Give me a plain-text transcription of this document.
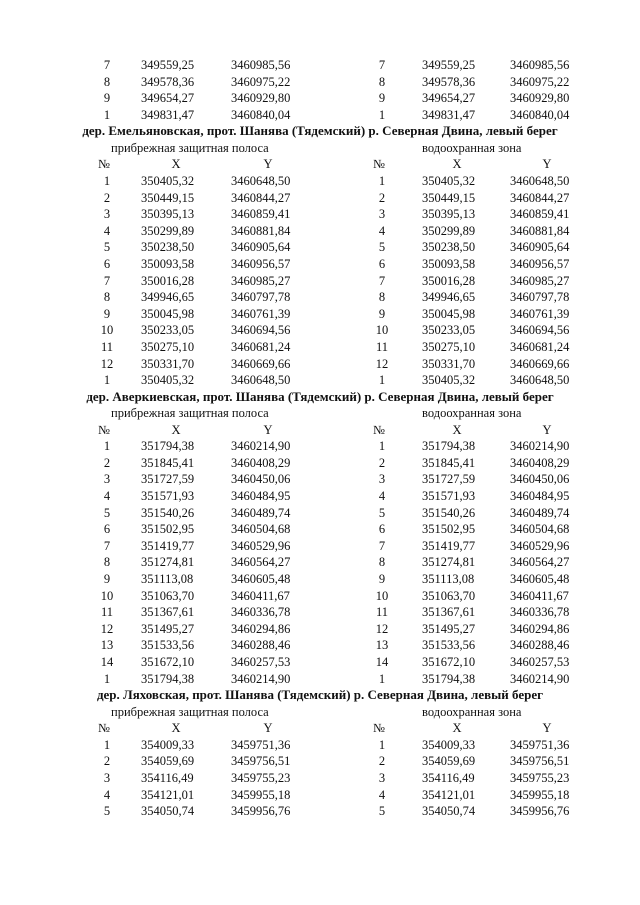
7	349559,25	3460985,56	7	349559,25	3460985,56
8	349578,36	3460975,22	8	349578,36	3460975,22
9	349654,27	3460929,80	9	349654,27	3460929,80
1	349831,47	3460840,04	1	349831,47	3460840,04
дер. Емельяновская, прот. Шанява (Тядемский) р. Северная Двина, левый берег
прибрежная защитная полоса	водоохранная зона
№	X	Y	№	X	Y
1	350405,32	3460648,50	1	350405,32	3460648,50
2	350449,15	3460844,27	2	350449,15	3460844,27
3	350395,13	3460859,41	3	350395,13	3460859,41
4	350299,89	3460881,84	4	350299,89	3460881,84
5	350238,50	3460905,64	5	350238,50	3460905,64
6	350093,58	3460956,57	6	350093,58	3460956,57
7	350016,28	3460985,27	7	350016,28	3460985,27
8	349946,65	3460797,78	8	349946,65	3460797,78
9	350045,98	3460761,39	9	350045,98	3460761,39
10 350233,05	3460694,56	10	350233,05	3460694,56
11 350275,10	3460681,24	11	350275,10	3460681,24
12 350331,70	3460669,66	12	350331,70	3460669,66
1	350405,32	3460648,50	1	350405,32	3460648,50
дер. Аверкиевская, прот. Шанява (Тядемский) р. Северная Двина, левый берег
прибрежная защитная полоса	водоохранная зона
№	X	Y	№	X	Y
1	351794,38	3460214,90	1	351794,38	3460214,90
2	351845,41	3460408,29	2	351845,41	3460408,29
3	351727,59	3460450,06	3	351727,59	3460450,06
4	351571,93	3460484,95	4	351571,93	3460484,95
5	351540,26	3460489,74	5	351540,26	3460489,74
6	351502,95	3460504,68	6	351502,95	3460504,68
7	351419,77	3460529,96	7	351419,77	3460529,96
8	351274,81	3460564,27	8	351274,81	3460564,27
9	351113,08	3460605,48	9	351113,08	3460605,48
10 351063,70	3460411,67	10	351063,70	3460411,67
11 351367,61	3460336,78	11	351367,61	3460336,78
12 351495,27	3460294,86	12	351495,27	3460294,86
13 351533,56	3460288,46	13	351533,56	3460288,46
14 351672,10	3460257,53	14	351672,10	3460257,53
1	351794,38	3460214,90	1	351794,38	3460214,90
дер. Ляховская, прот. Шанява (Тядемский) р. Северная Двина, левый берег
прибрежная защитная полоса	водоохранная зона
№	X	Y	№	X	Y
1	354009,33	3459751,36	1	354009,33	3459751,36
2	354059,69	3459756,51	2	354059,69	3459756,51
3	354116,49	3459755,23	3	354116,49	3459755,23
4	354121,01	3459955,18	4	354121,01	3459955,18
5	354050,74	3459956,76	5	354050,74	3459956,76
